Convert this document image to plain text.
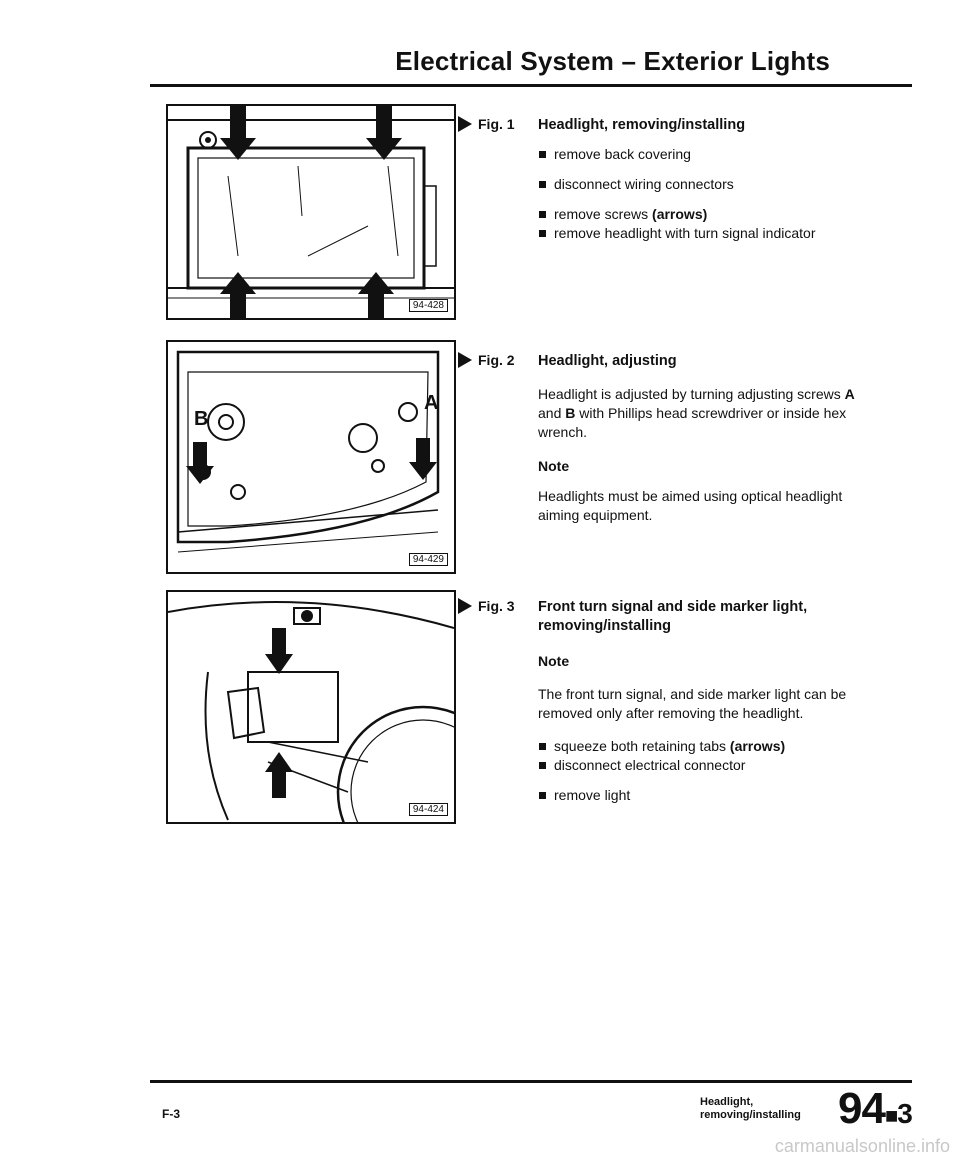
Electrical System – Exterior Lights
94-428
B
A
94-429
94-424
Fig. 1 Headlight, removing/installing
remove back covering
disconnect wiring connectors
remove screws (arrows)
remove headlight with turn signal indicator
Fig. 2 Headlight, adjusting
Headlight is adjusted by turning adjusting screws A and B with Phillips head screwdriver or inside hex wrench.
Note
Headlights must be aimed using optical headlight aiming equipment.
Fig. 3 Front turn signal and side marker light, removing/installing
Note
The front turn signal, and side marker light can be removed only after removing the headlight.
squeeze both retaining tabs (arrows)
disconnect electrical connector
remove light
F-3
Headlight, removing/installing 94■3
carmanualsonline.info
